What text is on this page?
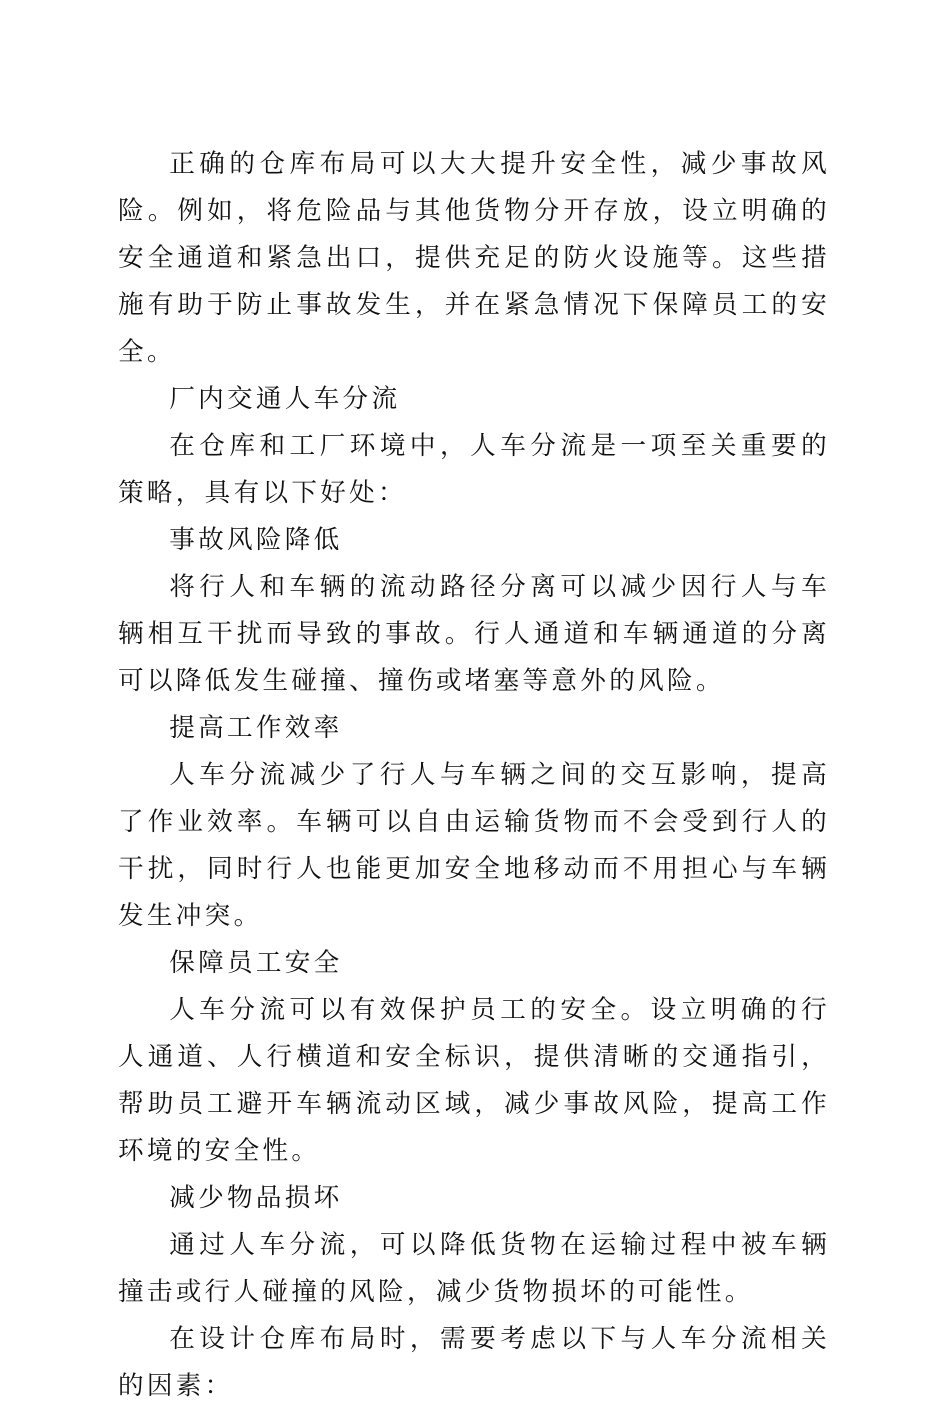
正确的仓库布局可以大大提升安全性，减少事故风险。例如，将危险品与其他货物分开存放，设立明确的安全通道和紧急出口，提供充足的防火设施等。这些措施有助于防止事故发生，并在紧急情况下保障员工的安全。

厂内交通人车分流

在仓库和工厂环境中，人车分流是一项至关重要的策略，具有以下好处：

事故风险降低

将行人和车辆的流动路径分离可以减少因行人与车辆相互干扰而导致的事故。行人通道和车辆通道的分离可以降低发生碰撞、撞伤或堵塞等意外的风险。

提高工作效率

人车分流减少了行人与车辆之间的交互影响，提高了作业效率。车辆可以自由运输货物而不会受到行人的干扰，同时行人也能更加安全地移动而不用担心与车辆发生冲突。

保障员工安全

人车分流可以有效保护员工的安全。设立明确的行人通道、人行横道和安全标识，提供清晰的交通指引，帮助员工避开车辆流动区域，减少事故风险，提高工作环境的安全性。

减少物品损坏

通过人车分流，可以降低货物在运输过程中被车辆撞击或行人碰撞的风险，减少货物损坏的可能性。

在设计仓库布局时，需要考虑以下与人车分流相关的因素：
